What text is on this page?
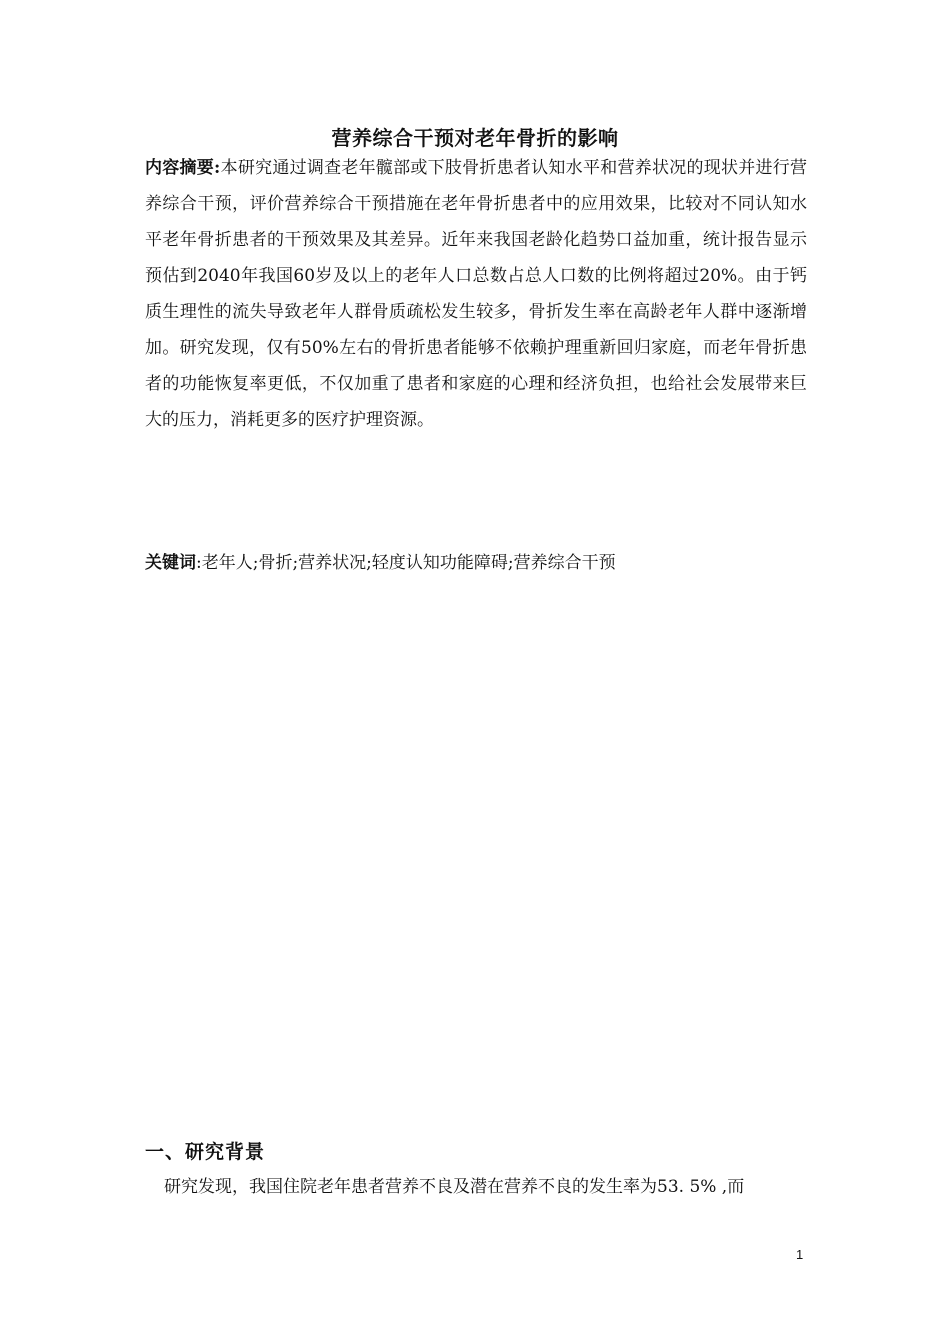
营养综合干预对老年骨折的影响
内容摘要:本研究通过调查老年髋部或下肢骨折患者认知水平和营养状况的现状并进行营养综合干预，评价营养综合干预措施在老年骨折患者中的应用效果，比较对不同认知水平老年骨折患者的干预效果及其差异。近年来我国老龄化趋势口益加重，统计报告显示预估到2040年我国60岁及以上的老年人口总数占总人口数的比例将超过20%。由于钙质生理性的流失导致老年人群骨质疏松发生较多，骨折发生率在高龄老年人群中逐渐增加。研究发现，仅有50%左右的骨折患者能够不依赖护理重新回归家庭，而老年骨折患者的功能恢复率更低，不仅加重了患者和家庭的心理和经济负担，也给社会发展带来巨大的压力，消耗更多的医疗护理资源。
关键词:老年人;骨折;营养状况;轻度认知功能障碍;营养综合干预
一、研究背景
研究发现，我国住院老年患者营养不良及潜在营养不良的发生率为53. 5% ,而
1
